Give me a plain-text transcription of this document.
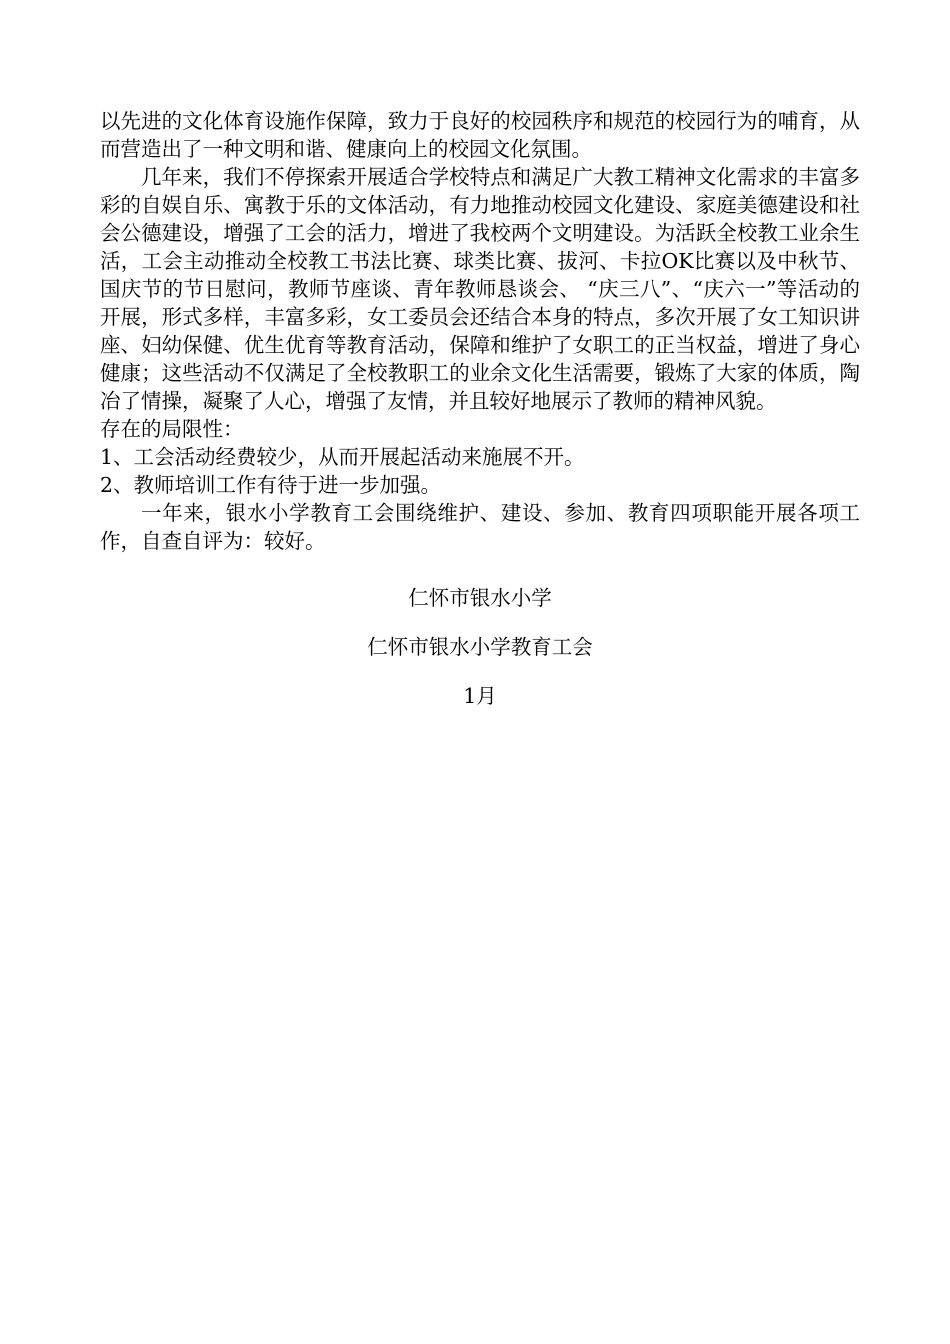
以先进的文化体育设施作保障，致力于良好的校园秩序和规范的校园行为的哺育，从而营造出了一种文明和谐、健康向上的校园文化氛围。

几年来，我们不停探索开展适合学校特点和满足广大教工精神文化需求的丰富多彩的自娱自乐、寓教于乐的文体活动，有力地推动校园文化建设、家庭美德建设和社会公德建设，增强了工会的活力，增进了我校两个文明建设。为活跃全校教工业余生活，工会主动推动全校教工书法比赛、球类比赛、拔河、卡拉OK比赛以及中秋节、国庆节的节日慰问，教师节座谈、青年教师恳谈会、 “庆三八”、“庆六一”等活动的开展，形式多样，丰富多彩，女工委员会还结合本身的特点，多次开展了女工知识讲座、妇幼保健、优生优育等教育活动，保障和维护了女职工的正当权益，增进了身心健康；这些活动不仅满足了全校教职工的业余文化生活需要，锻炼了大家的体质，陶冶了情操，凝聚了人心，增强了友情，并且较好地展示了教师的精神风貌。

存在的局限性：

1、工会活动经费较少，从而开展起活动来施展不开。

2、教师培训工作有待于进一步加强。

一年来，银水小学教育工会围绕维护、建设、参加、教育四项职能开展各项工作，自查自评为：较好。

仁怀市银水小学
仁怀市银水小学教育工会
1月
